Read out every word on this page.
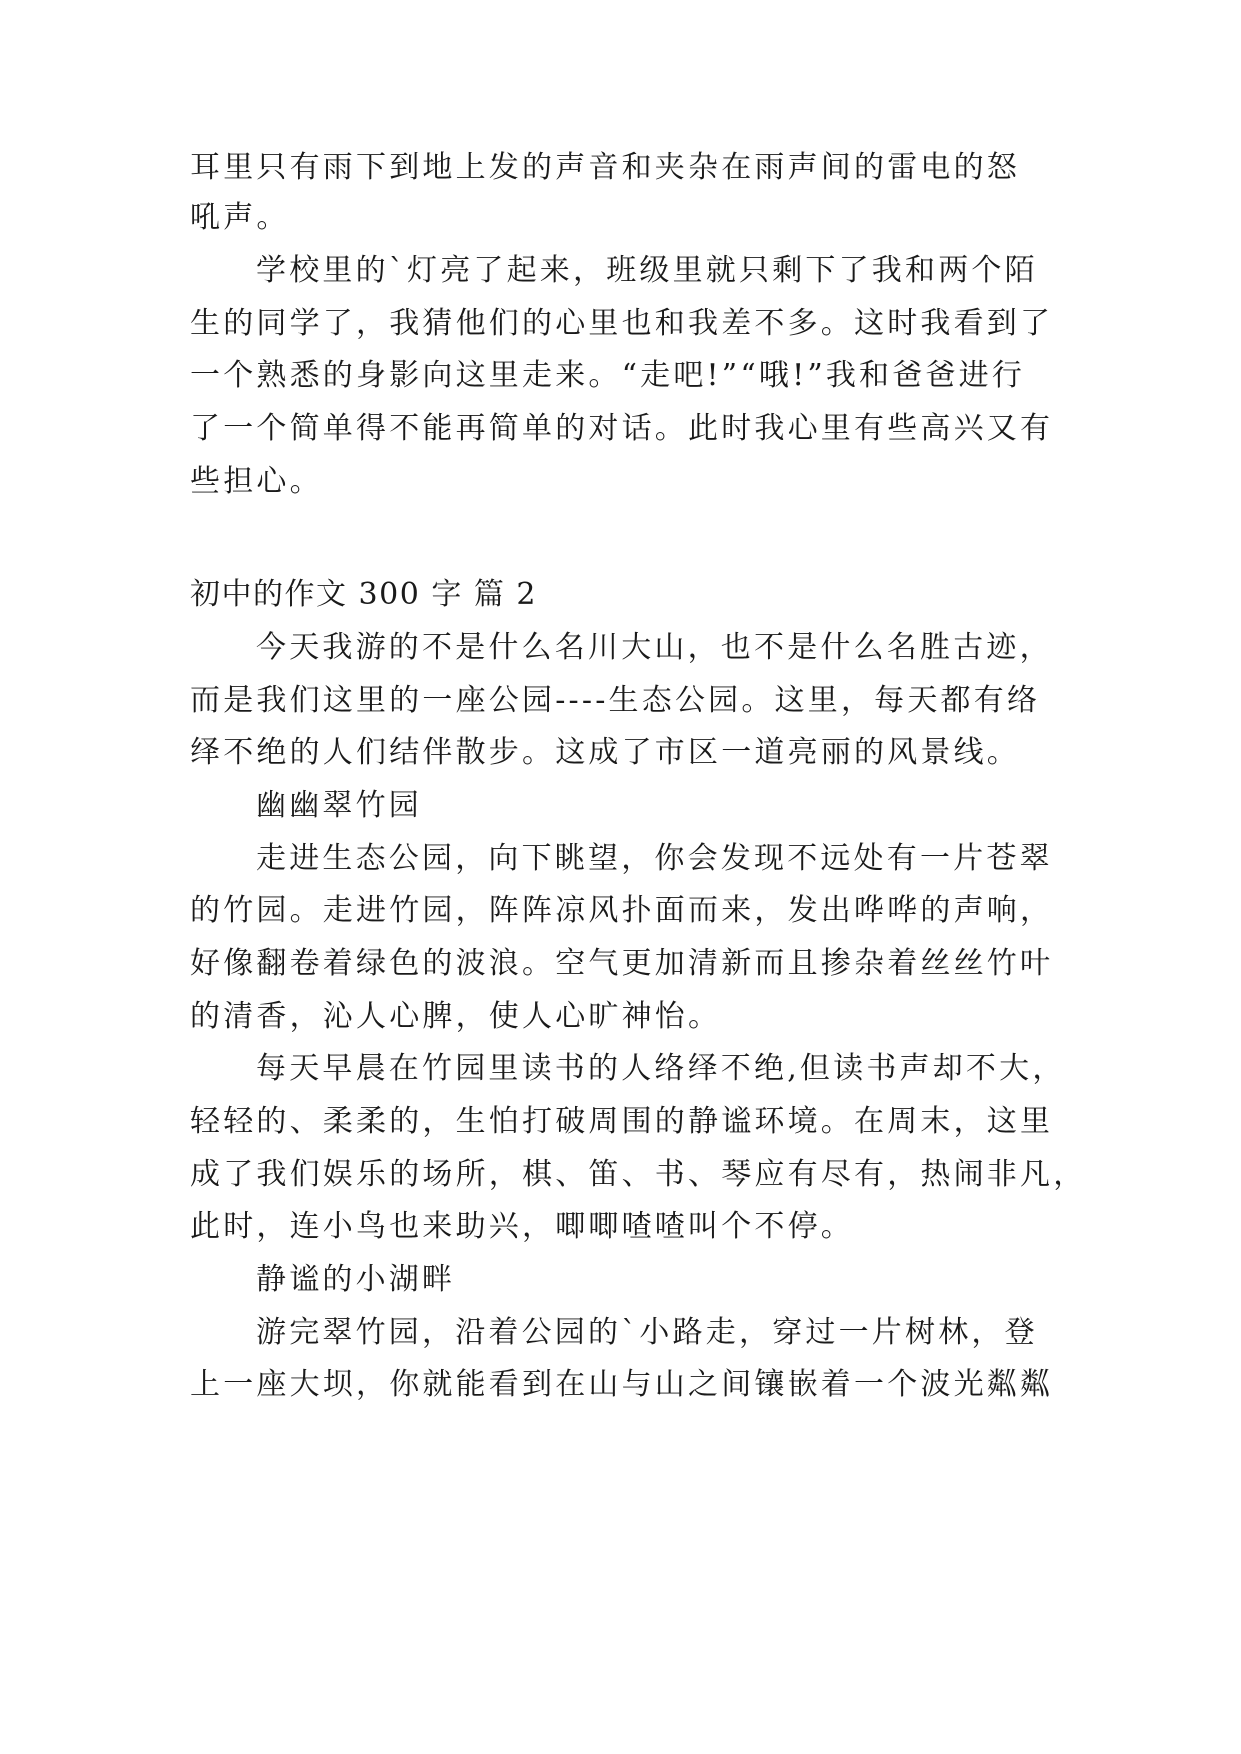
耳里只有雨下到地上发的声音和夹杂在雨声间的雷电的怒
吼声。
学校里的`灯亮了起来，班级里就只剩下了我和两个陌
生的同学了，我猜他们的心里也和我差不多。这时我看到了
一个熟悉的身影向这里走来。“走吧!”“哦!”我和爸爸进行
了一个简单得不能再简单的对话。此时我心里有些高兴又有
些担心。
初中的作文 300 字 篇 2
今天我游的不是什么名川大山，也不是什么名胜古迹，
而是我们这里的一座公园----生态公园。这里，每天都有络
绎不绝的人们结伴散步。这成了市区一道亮丽的风景线。
幽幽翠竹园
走进生态公园，向下眺望，你会发现不远处有一片苍翠
的竹园。走进竹园，阵阵凉风扑面而来，发出哗哗的声响，
好像翻卷着绿色的波浪。空气更加清新而且掺杂着丝丝竹叶
的清香，沁人心脾，使人心旷神怡。
每天早晨在竹园里读书的人络绎不绝,但读书声却不大，
轻轻的、柔柔的，生怕打破周围的静谧环境。在周末，这里
成了我们娱乐的场所，棋、笛、书、琴应有尽有，热闹非凡，
此时，连小鸟也来助兴，唧唧喳喳叫个不停。
静谧的小湖畔
游完翠竹园，沿着公园的`小路走，穿过一片树林，登
上一座大坝，你就能看到在山与山之间镶嵌着一个波光粼粼
